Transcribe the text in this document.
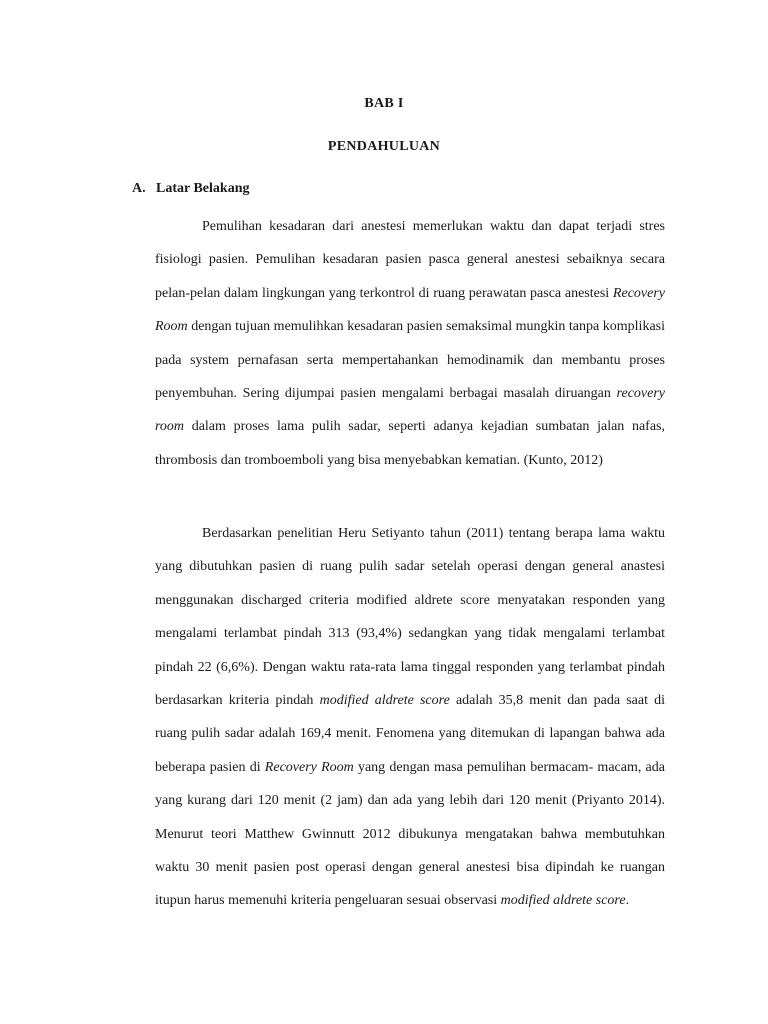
BAB I
PENDAHULUAN
A. Latar Belakang

Pemulihan kesadaran dari anestesi memerlukan waktu dan dapat terjadi stres fisiologi pasien. Pemulihan kesadaran pasien pasca general anestesi sebaiknya secara pelan-pelan dalam lingkungan yang terkontrol di ruang perawatan pasca anestesi Recovery Room dengan tujuan memulihkan kesadaran pasien semaksimal mungkin tanpa komplikasi pada system pernafasan serta mempertahankan hemodinamik dan membantu proses penyembuhan. Sering dijumpai pasien mengalami berbagai masalah diruangan recovery room dalam proses lama pulih sadar, seperti adanya kejadian sumbatan jalan nafas, thrombosis dan tromboemboli yang bisa menyebabkan kematian. (Kunto, 2012)

Berdasarkan penelitian Heru Setiyanto tahun (2011) tentang berapa lama waktu yang dibutuhkan pasien di ruang pulih sadar setelah operasi dengan general anastesi menggunakan discharged criteria modified aldrete score menyatakan responden yang mengalami terlambat pindah 313 (93,4%) sedangkan yang tidak mengalami terlambat pindah 22 (6,6%). Dengan waktu rata-rata lama tinggal responden yang terlambat pindah berdasarkan kriteria pindah modified aldrete score adalah 35,8 menit dan pada saat di ruang pulih sadar adalah 169,4 menit. Fenomena yang ditemukan di lapangan bahwa ada beberapa pasien di Recovery Room yang dengan masa pemulihan bermacam- macam, ada yang kurang dari 120 menit (2 jam) dan ada yang lebih dari 120 menit (Priyanto 2014). Menurut teori Matthew Gwinnutt 2012 dibukunya mengatakan bahwa membutuhkan waktu 30 menit pasien post operasi dengan general anestesi bisa dipindah ke ruangan itupun harus memenuhi kriteria pengeluaran sesuai observasi modified aldrete score.
